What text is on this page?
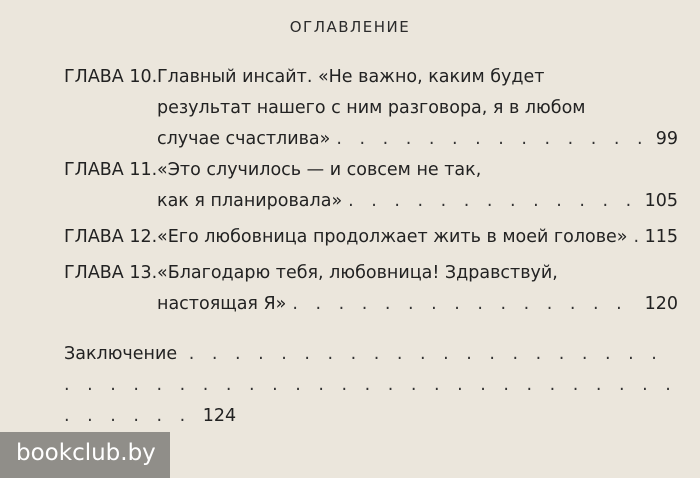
ОГЛАВЛЕНИЕ
ГЛАВА 10. Главный инсайт. «Не важно, каким будет
результат нашего с ним разговора, я в любом
случае счастлива» . . .	99
ГЛАВА 11. «Это случилось — и совсем не так,
как я планировала» . . .	105
ГЛАВА 12. «Его любовница продолжает жить в моей голове» . . . 115
ГЛАВА 13. «Благодарю тебя, любовница! Здравствуй,
настоящая Я» . . .	120
Заключение . . . 124
bookclub.by
